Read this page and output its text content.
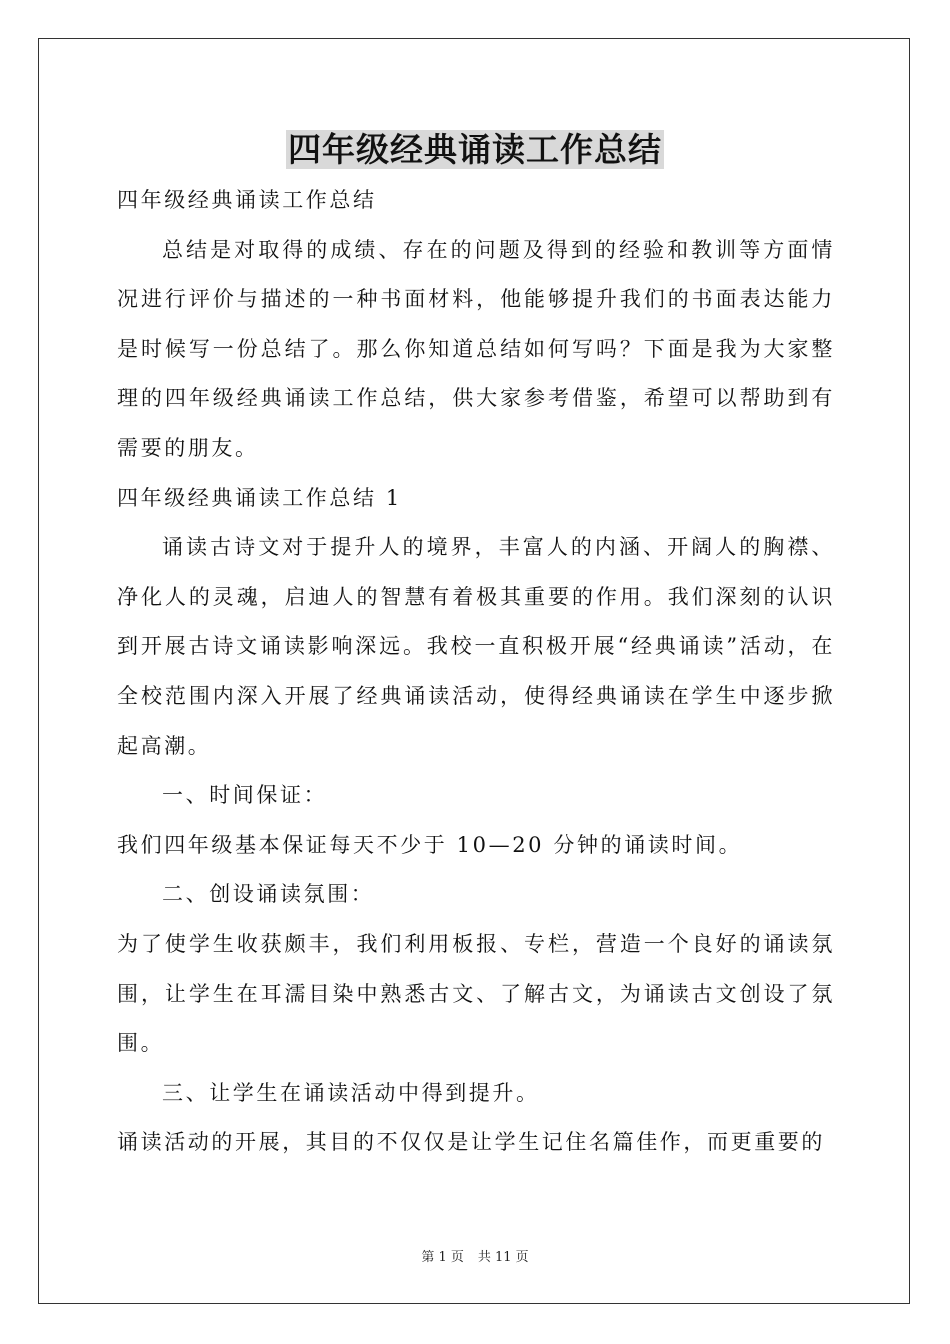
四年级经典诵读工作总结

四年级经典诵读工作总结

总结是对取得的成绩、存在的问题及得到的经验和教训等方面情况进行评价与描述的一种书面材料，他能够提升我们的书面表达能力是时候写一份总结了。那么你知道总结如何写吗？下面是我为大家整理的四年级经典诵读工作总结，供大家参考借鉴，希望可以帮助到有需要的朋友。

四年级经典诵读工作总结 1

诵读古诗文对于提升人的境界，丰富人的内涵、开阔人的胸襟、净化人的灵魂，启迪人的智慧有着极其重要的作用。我们深刻的认识到开展古诗文诵读影响深远。我校一直积极开展“经典诵读”活动，在全校范围内深入开展了经典诵读活动，使得经典诵读在学生中逐步掀起高潮。

一、时间保证：

我们四年级基本保证每天不少于 10—20 分钟的诵读时间。

二、创设诵读氛围：

为了使学生收获颇丰，我们利用板报、专栏，营造一个良好的诵读氛围，让学生在耳濡目染中熟悉古文、了解古文，为诵读古文创设了氛围。

三、让学生在诵读活动中得到提升。

诵读活动的开展，其目的不仅仅是让学生记住名篇佳作，而更重要的

第 1 页 共 11 页
